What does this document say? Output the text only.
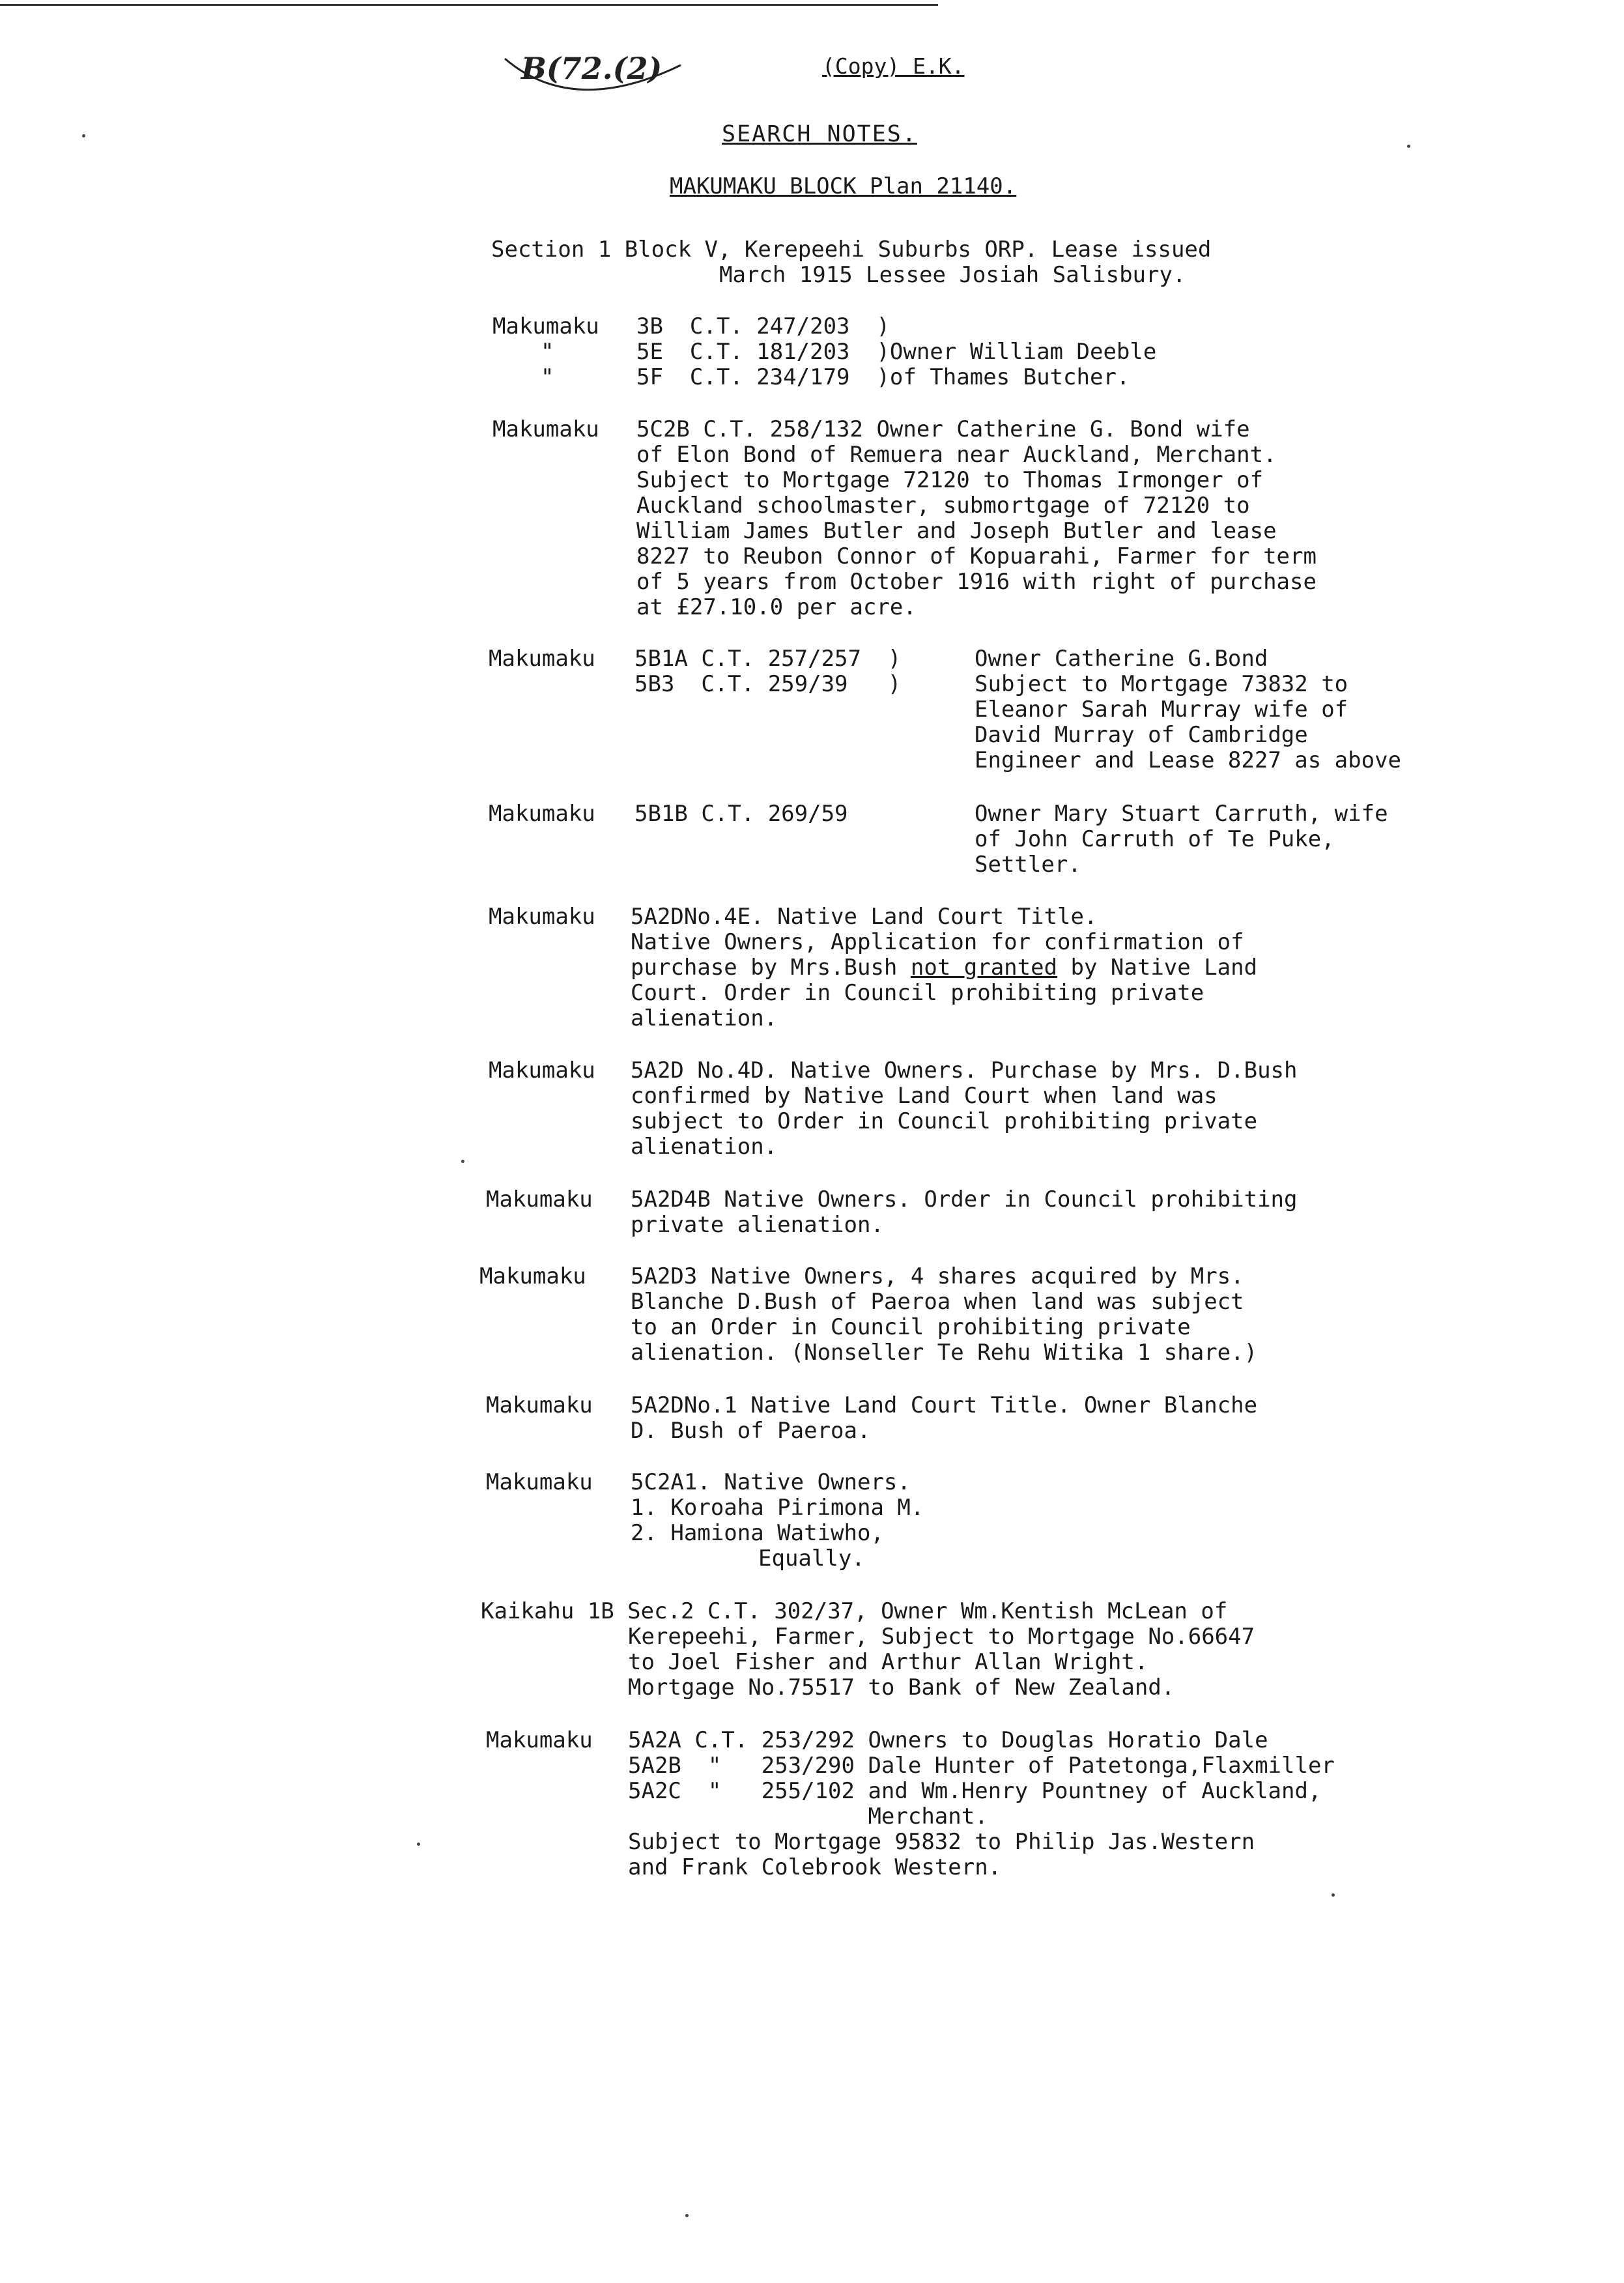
B(72.(2)	(Copy) E.K.
SEARCH NOTES.
MAKUMAKU BLOCK Plan 21140.
Section 1 Block V, Kerepeehi Suburbs ORP. Lease issued
March 1915 Lessee Josiah Salisbury.
Makumaku
"
"
3B  C.T. 247/203  )
5E  C.T. 181/203  )Owner William Deeble
5F  C.T. 234/179  )of Thames Butcher.
Makumaku 5C2B C.T. 258/132 Owner Catherine G. Bond wife
of Elon Bond of Remuera near Auckland, Merchant.
Subject to Mortgage 72120 to Thomas Irmonger of
Auckland schoolmaster, submortgage of 72120 to
William James Butler and Joseph Butler and lease
8227 to Reubon Connor of Kopuarahi, Farmer for term
of 5 years from October 1916 with right of purchase
at £27.10.0 per acre.
Makumaku 5B1A C.T. 257/257  )
5B3  C.T. 259/39   )
Owner Catherine G.Bond
Subject to Mortgage 73832 to
Eleanor Sarah Murray wife of
David Murray of Cambridge
Engineer and Lease 8227 as above
Makumaku 5B1B C.T. 269/59	Owner Mary Stuart Carruth, wife
of John Carruth of Te Puke,
Settler.
Makumaku 5A2DNo.4E. Native Land Court Title.
Native Owners, Application for confirmation of
purchase by Mrs.Bush not granted by Native Land
Court. Order in Council prohibiting private
alienation.
Makumaku 5A2D No.4D. Native Owners. Purchase by Mrs. D.Bush
confirmed by Native Land Court when land was
subject to Order in Council prohibiting private
alienation.
Makumaku 5A2D4B Native Owners. Order in Council prohibiting
private alienation.
Makumaku 5A2D3 Native Owners, 4 shares acquired by Mrs.
Blanche D.Bush of Paeroa when land was subject
to an Order in Council prohibiting private
alienation. (Nonseller Te Rehu Witika 1 share.)
Makumaku 5A2DNo.1 Native Land Court Title. Owner Blanche
D. Bush of Paeroa.
Makumaku 5C2A1. Native Owners.
1. Koroaha Pirimona M.
2. Hamiona Watiwho,
Equally.
Kaikahu 1B Sec.2 C.T. 302/37, Owner Wm.Kentish McLean of
Kerepeehi, Farmer, Subject to Mortgage No.66647
to Joel Fisher and Arthur Allan Wright.
Mortgage No.75517 to Bank of New Zealand.
Makumaku 5A2A C.T. 253/292 Owners to Douglas Horatio Dale
5A2B  "   253/290 Dale Hunter of Patetonga,Flaxmiller
5A2C  "   255/102 and Wm.Henry Pountney of Auckland,
Merchant.
Subject to Mortgage 95832 to Philip Jas.Western
and Frank Colebrook Western.
